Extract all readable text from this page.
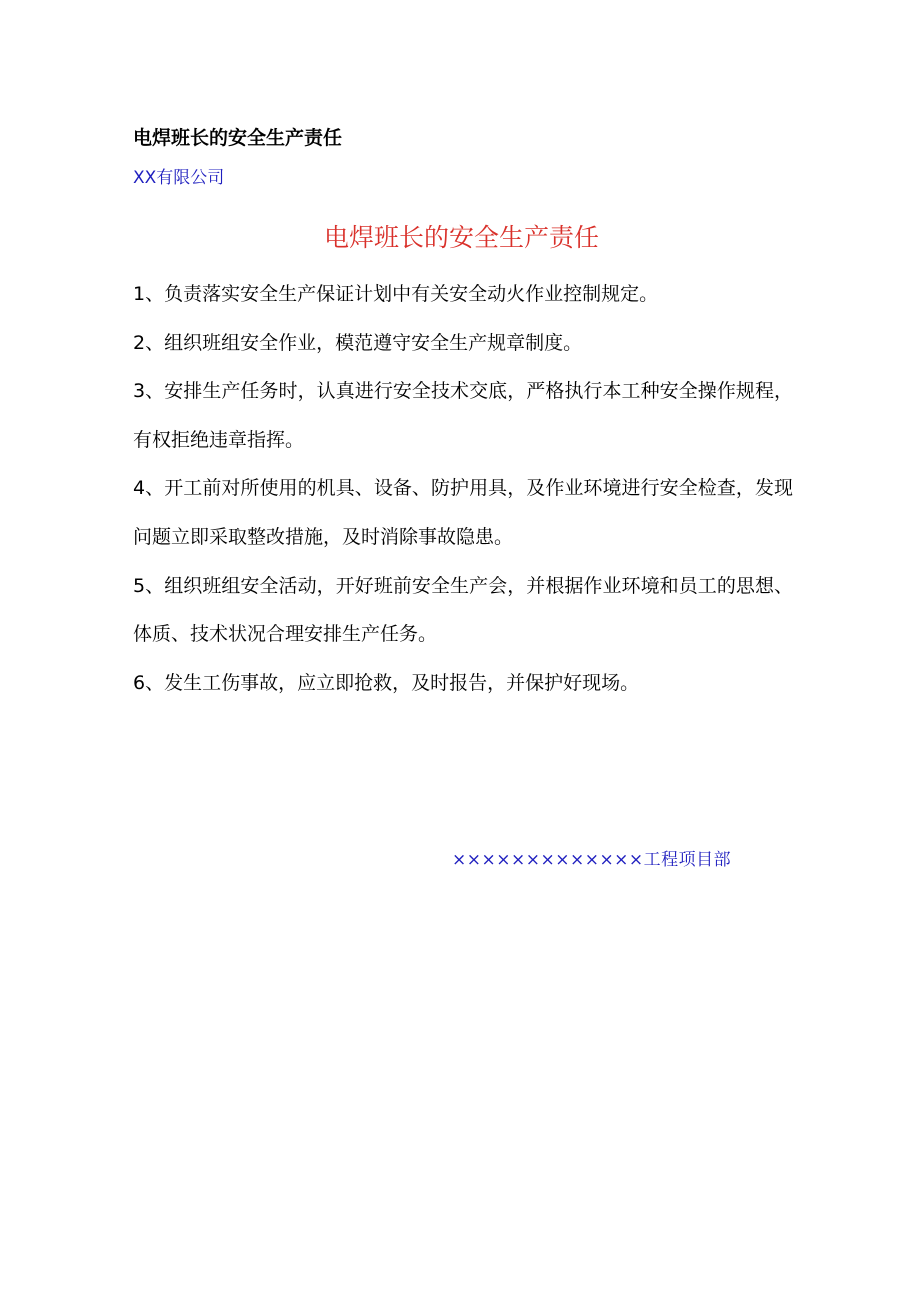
电焊班长的安全生产责任
XX有限公司
电焊班长的安全生产责任

1、负责落实安全生产保证计划中有关安全动火作业控制规定。

2、组织班组安全作业，模范遵守安全生产规章制度。

3、安排生产任务时，认真进行安全技术交底，严格执行本工种安全操作规程，有权拒绝违章指挥。

4、开工前对所使用的机具、设备、防护用具，及作业环境进行安全检查，发现问题立即采取整改措施，及时消除事故隐患。

5、组织班组安全活动，开好班前安全生产会，并根据作业环境和员工的思想、体质、技术状况合理安排生产任务。

6、发生工伤事故，应立即抢救，及时报告，并保护好现场。

×××××××××××××工程项目部
